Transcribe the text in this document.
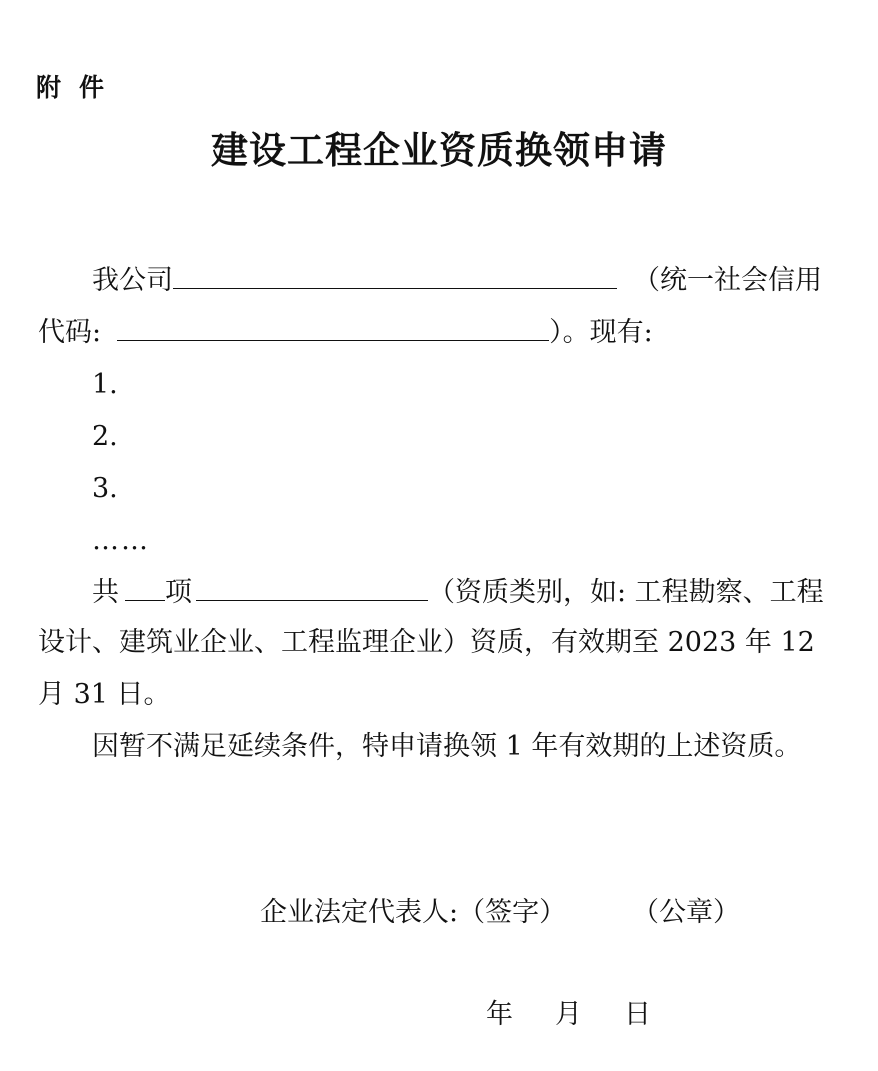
附件
建设工程企业资质换领申请
我公司	（统一社会信用
代码:	）。现有:
1.
2.
3.
……
共 项	（资质类别，如: 工程勘察、工程
设计、建筑业企业、工程监理企业）资质，有效期至 2023 年 12
月 31 日。
因暂不满足延续条件，特申请换领 1 年有效期的上述资质。
企业法定代表人:（签字） （公章）
年 月 日
